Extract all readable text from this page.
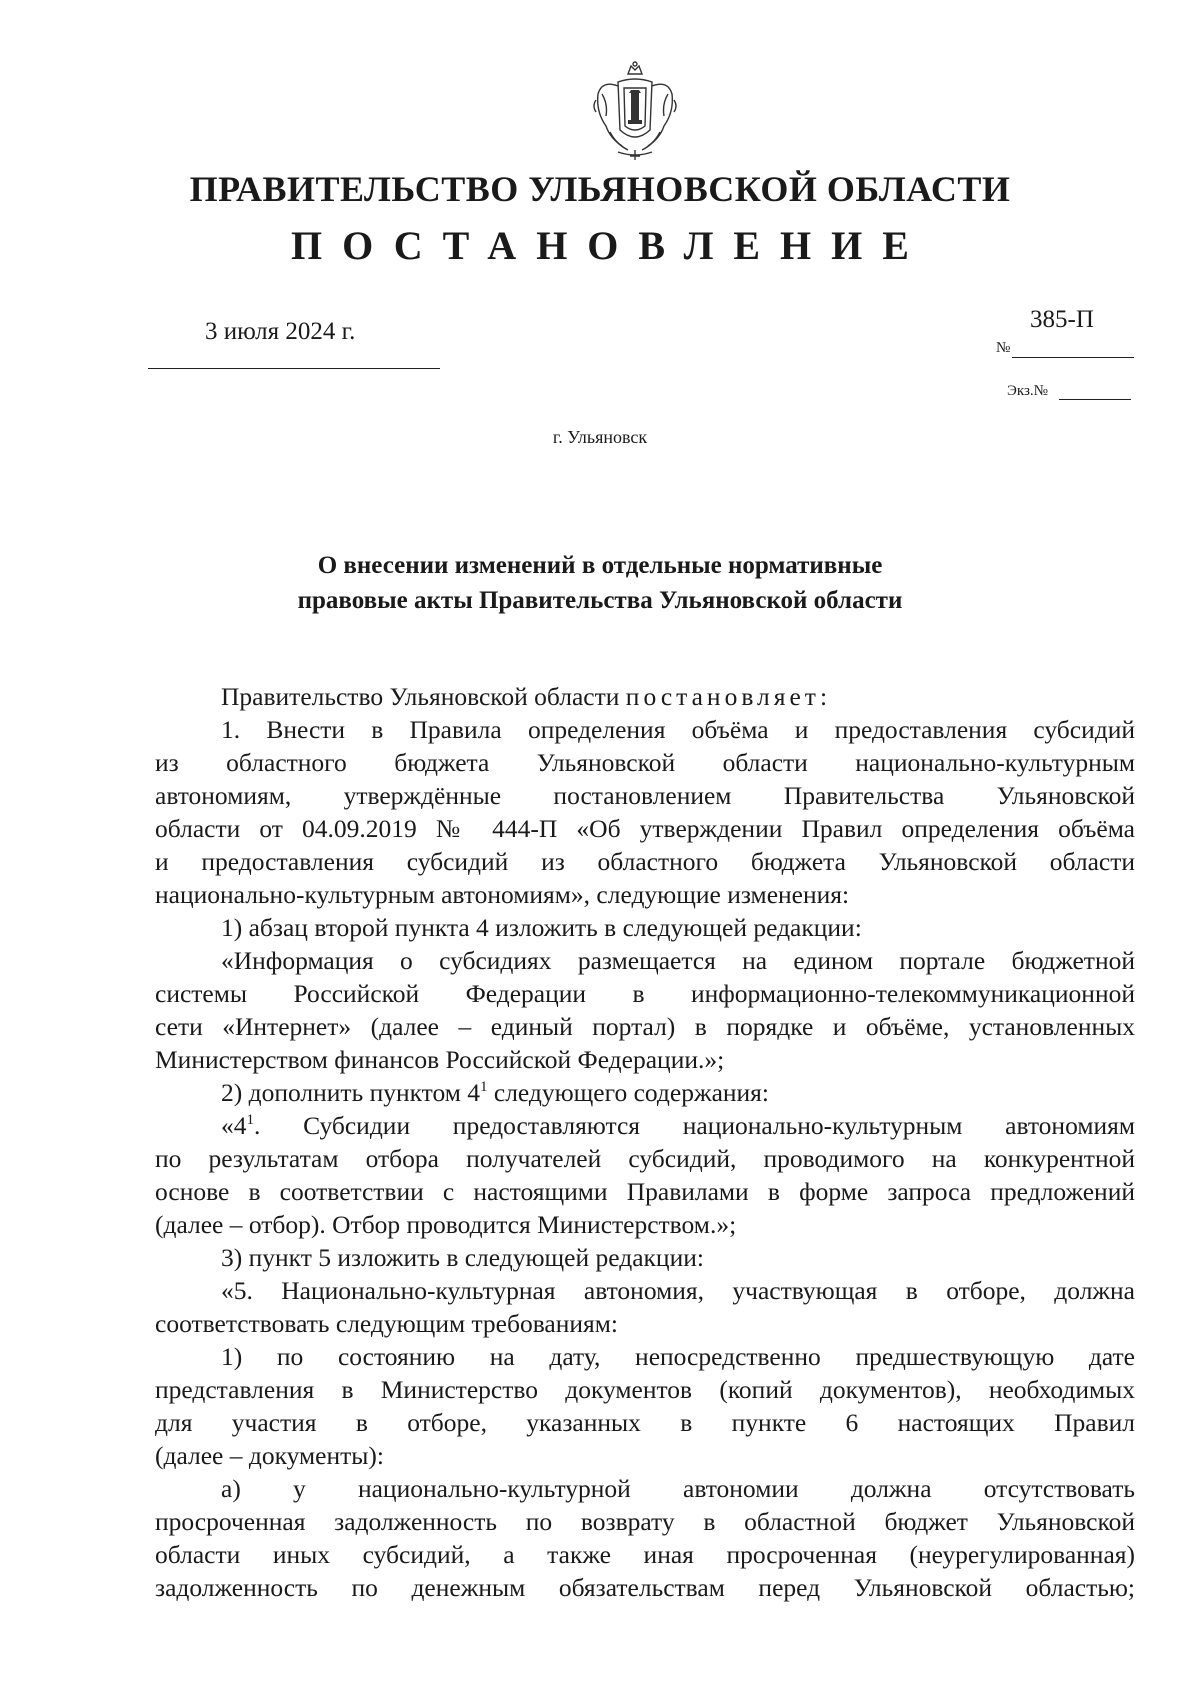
ПРАВИТЕЛЬСТВО УЛЬЯНОВСКОЙ ОБЛАСТИ
ПОСТАНОВЛЕНИЕ
3 июля 2024 г.	385-П
№
Экз.№
г. Ульяновск
О внесении изменений в отдельные нормативные
правовые акты Правительства Ульяновской области
Правительство Ульяновской области постановляет:
1. Внести в Правила определения объёма и предоставления субсидий
из областного бюджета Ульяновской области национально-культурным
автономиям, утверждённые постановлением Правительства Ульяновской
области от 04.09.2019 № 444-П «Об утверждении Правил определения объёма
и предоставления субсидий из областного бюджета Ульяновской области
национально-культурным автономиям», следующие изменения:
1) абзац второй пункта 4 изложить в следующей редакции:
«Информация о субсидиях размещается на едином портале бюджетной
системы Российской Федерации в информационно-телекоммуникационной
сети «Интернет» (далее – единый портал) в порядке и объёме, установленных
Министерством финансов Российской Федерации.»;
2) дополнить пунктом $4^1$ следующего содержания:
«$4^1$. Субсидии предоставляются национально-культурным автономиям
по результатам отбора получателей субсидий, проводимого на конкурентной
основе в соответствии с настоящими Правилами в форме запроса предложений
(далее – отбор). Отбор проводится Министерством.»;
3) пункт 5 изложить в следующей редакции:
«5. Национально-культурная автономия, участвующая в отборе, должна
соответствовать следующим требованиям:
1) по состоянию на дату, непосредственно предшествующую дате
представления в Министерство документов (копий документов), необходимых
для участия в отборе, указанных в пункте 6 настоящих Правил
(далее – документы):
а) у национально-культурной автономии должна отсутствовать
просроченная задолженность по возврату в областной бюджет Ульяновской
области иных субсидий, а также иная просроченная (неурегулированная)
задолженность по денежным обязательствам перед Ульяновской областью;
